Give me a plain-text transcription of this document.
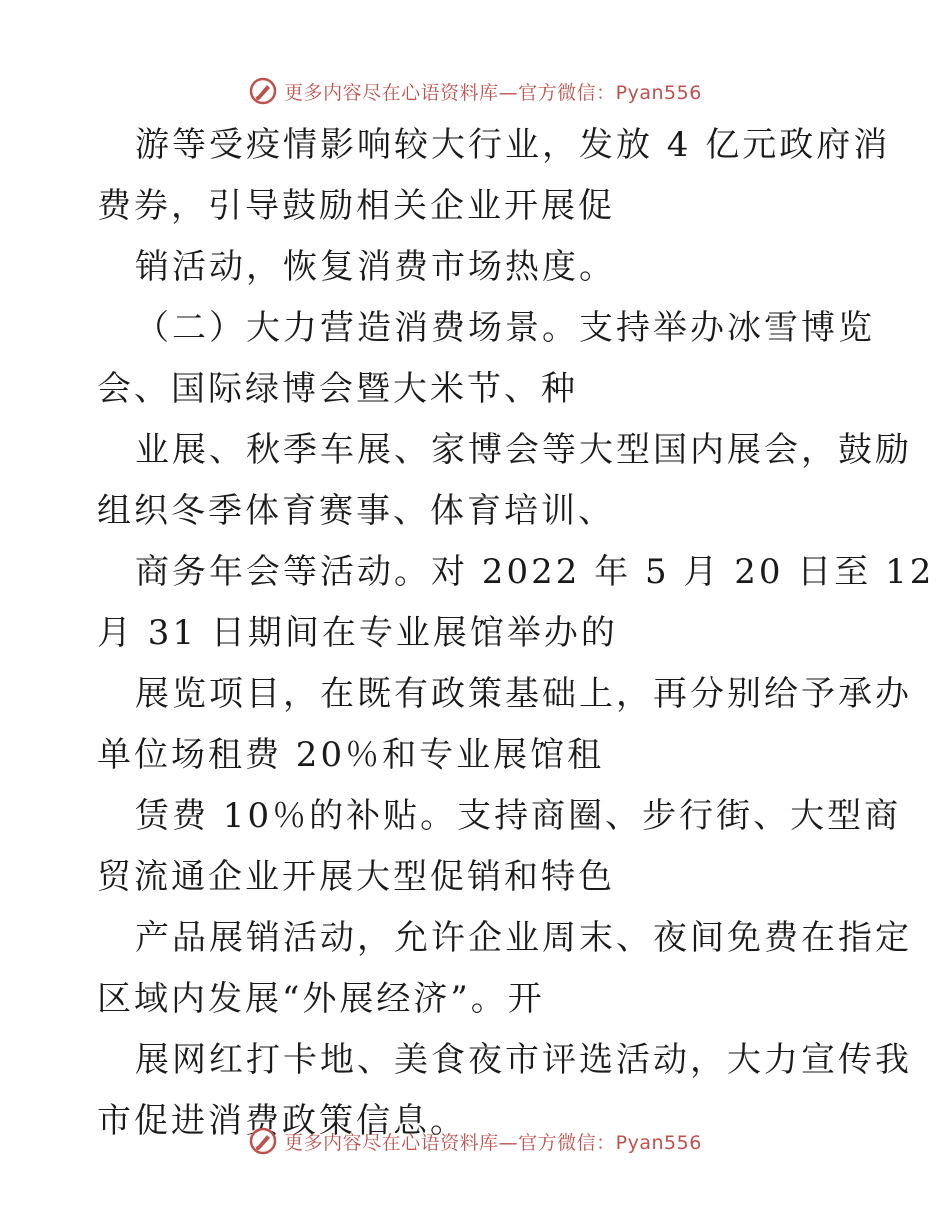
更多内容尽在心语资料库—官方微信：Pyan556
游等受疫情影响较大行业，发放 4 亿元政府消
费券，引导鼓励相关企业开展促
销活动，恢复消费市场热度。
（二）大力营造消费场景。支持举办冰雪博览
会、国际绿博会暨大米节、种
业展、秋季车展、家博会等大型国内展会，鼓励
组织冬季体育赛事、体育培训、
商务年会等活动。对 2022 年 5 月 20 日至 12
月 31 日期间在专业展馆举办的
展览项目，在既有政策基础上，再分别给予承办
单位场租费 20％和专业展馆租
赁费 10％的补贴。支持商圈、步行街、大型商
贸流通企业开展大型促销和特色
产品展销活动，允许企业周末、夜间免费在指定
区域内发展“外展经济”。开
展网红打卡地、美食夜市评选活动，大力宣传我
市促进消费政策信息。
更多内容尽在心语资料库—官方微信：Pyan556
